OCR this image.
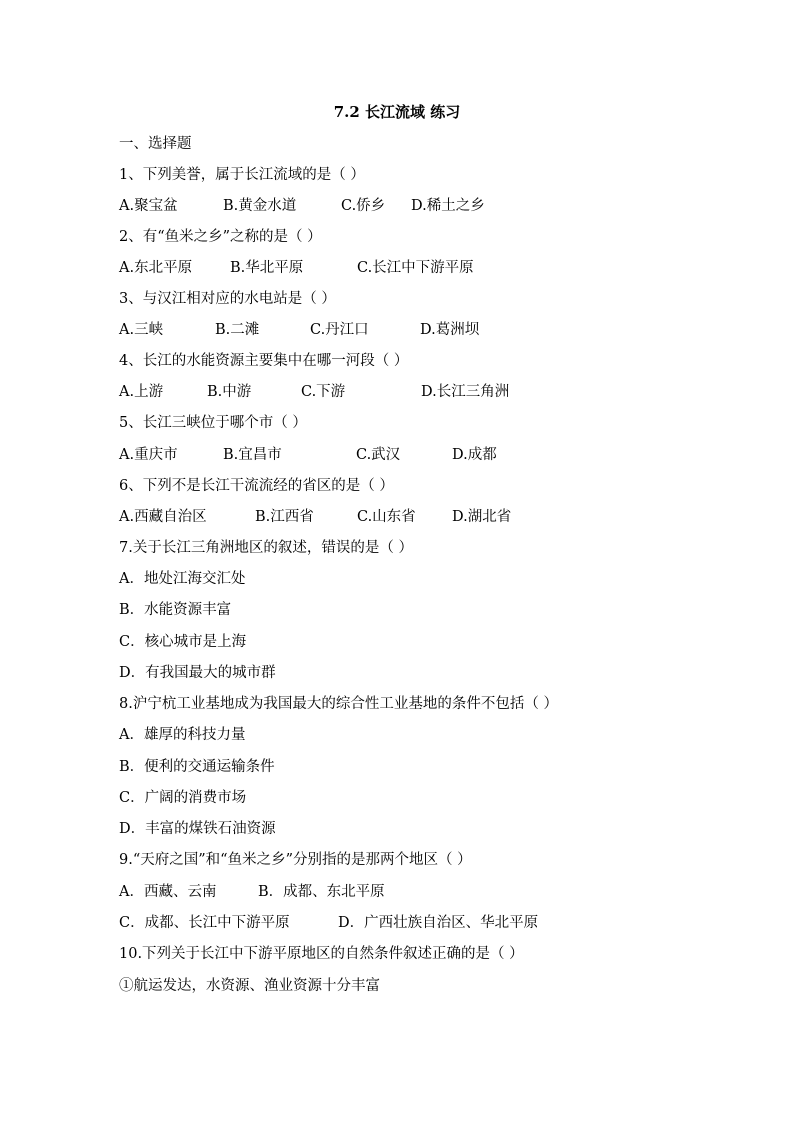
7.2 长江流域 练习
一、选择题
1、下列美誉，属于长江流域的是（ ）
A.聚宝盆	B.黄金水道	C.侨乡 D.稀土之乡
2、有“鱼米之乡”之称的是（ ）
A.东北平原	B.华北平原	C.长江中下游平原
3、与汉江相对应的水电站是（ ）
A.三峡	B.二滩	C.丹江口	D.葛洲坝
4、长江的水能资源主要集中在哪一河段（ ）
A.上游	B.中游	C.下游	D.长江三角洲
5、长江三峡位于哪个市（ ）
A.重庆市	B.宜昌市	C.武汉	D.成都
6、下列不是长江干流流经的省区的是（ ）
A.西藏自治区	B.江西省	C.山东省	D.湖北省
7.关于长江三角洲地区的叙述，错误的是（ ）
A．地处江海交汇处
B．水能资源丰富
C．核心城市是上海
D．有我国最大的城市群
8.沪宁杭工业基地成为我国最大的综合性工业基地的条件不包括（ ）
A．雄厚的科技力量
B．便利的交通运输条件
C．广阔的消费市场
D．丰富的煤铁石油资源
9.“天府之国”和“鱼米之乡”分别指的是那两个地区（ ）
A．西藏、云南	B．成都、东北平原
C．成都、长江中下游平原	D．广西壮族自治区、华北平原
10.下列关于长江中下游平原地区的自然条件叙述正确的是（ ）
①航运发达，水资源、渔业资源十分丰富
